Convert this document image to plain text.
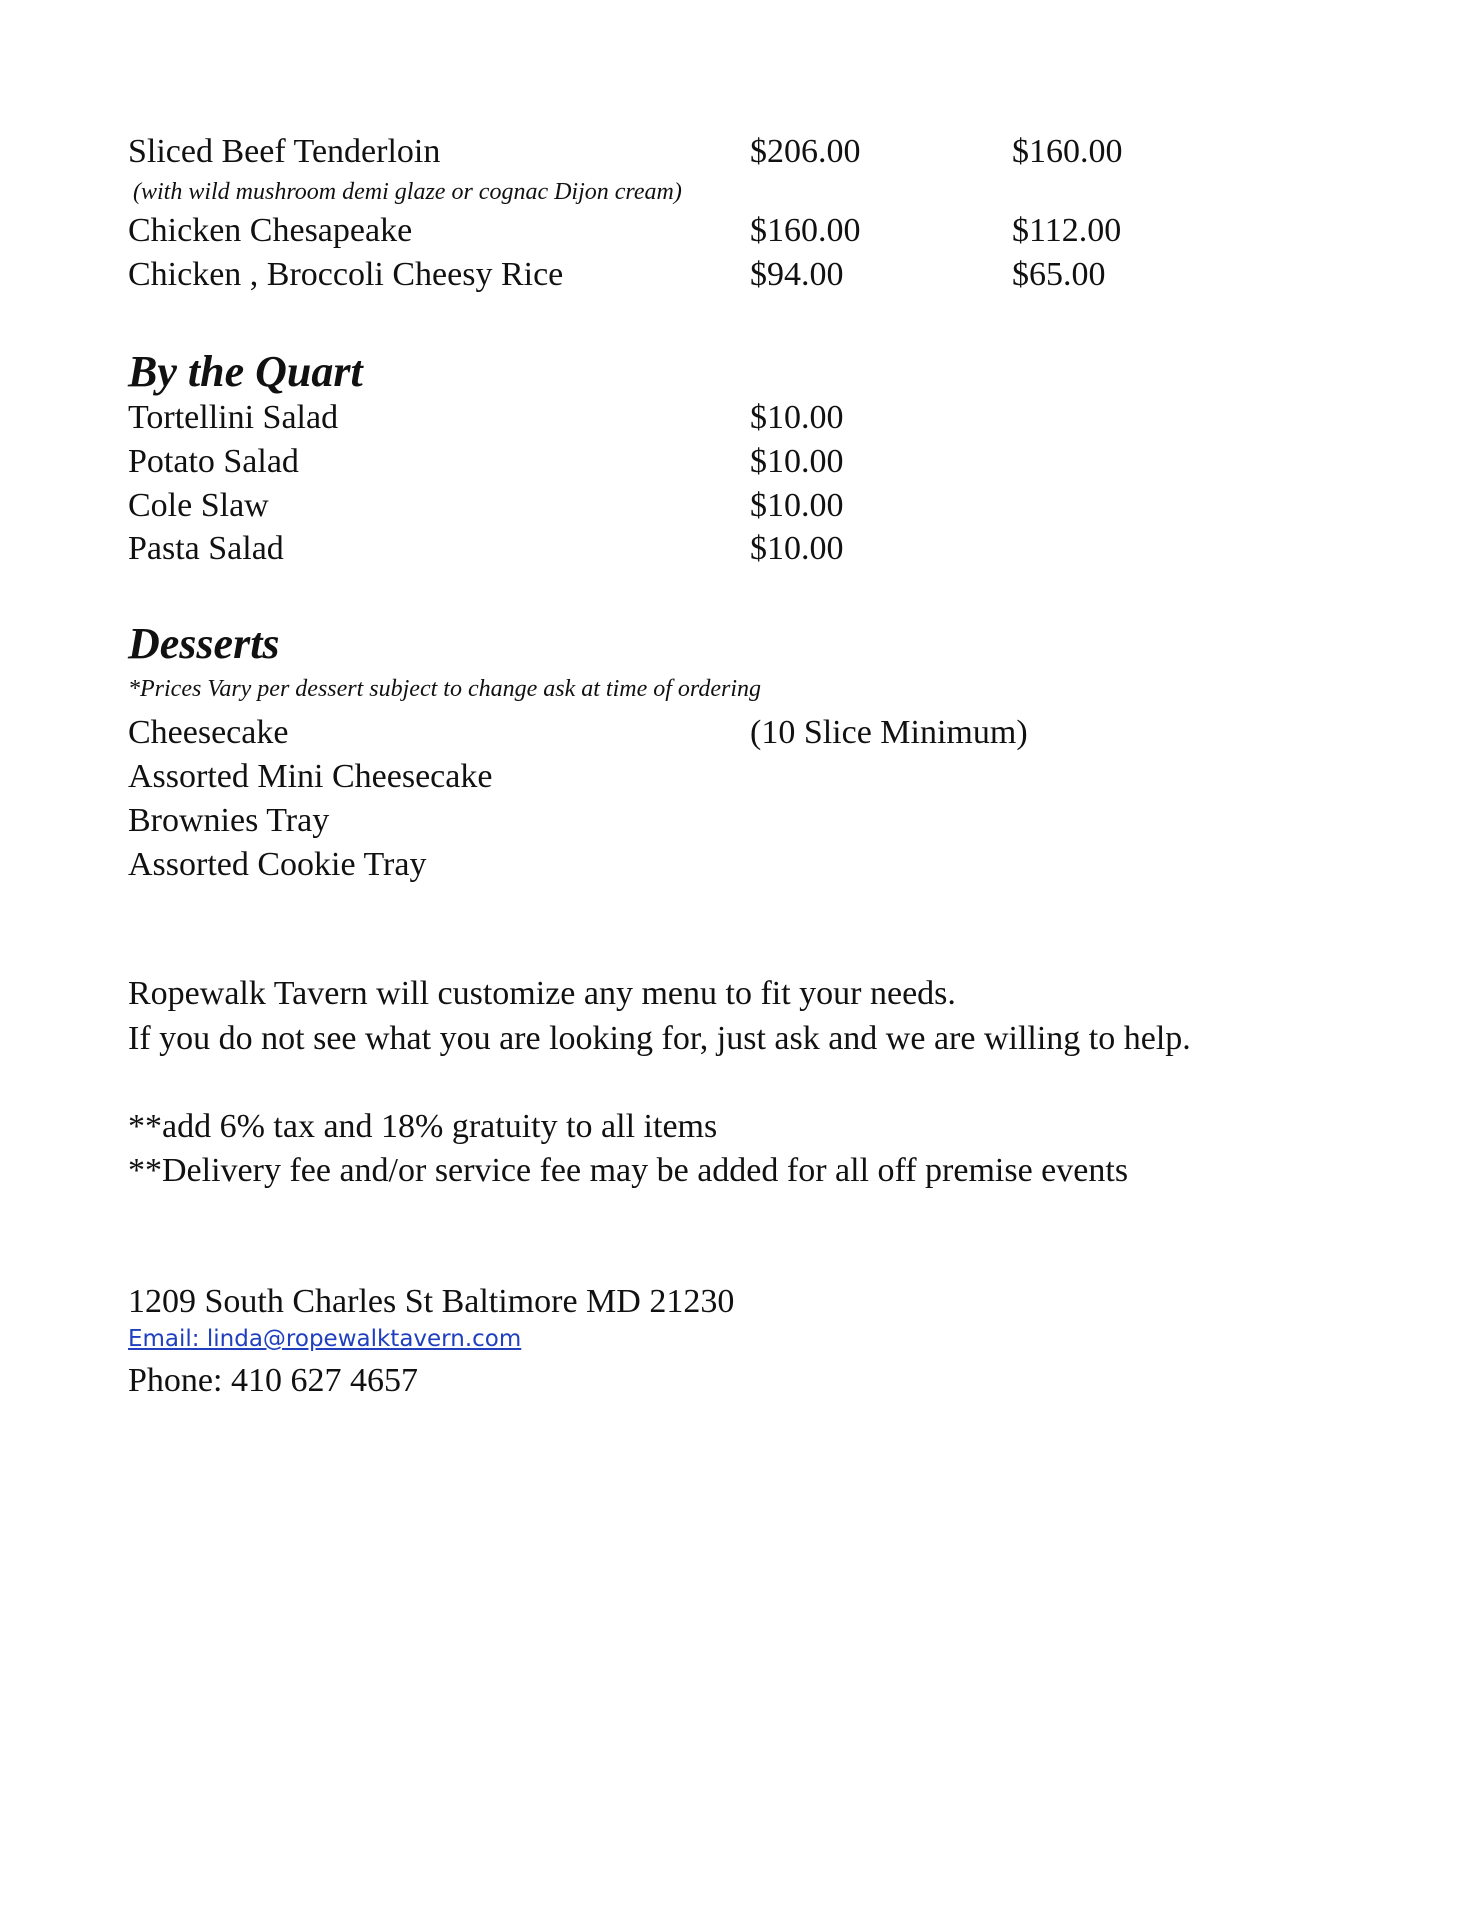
Sliced Beef Tenderloin	$206.00	$160.00
(with wild mushroom demi glaze or cognac Dijon cream)
Chicken Chesapeake	$160.00	$112.00
Chicken , Broccoli Cheesy Rice	$94.00	$65.00
By the Quart
Tortellini Salad	$10.00
Potato Salad	$10.00
Cole Slaw	$10.00
Pasta Salad	$10.00
Desserts
*Prices Vary per dessert subject to change ask at time of ordering
Cheesecake	(10 Slice Minimum)
Assorted Mini Cheesecake
Brownies Tray
Assorted Cookie Tray
Ropewalk Tavern will customize any menu to fit your needs.
If you do not see what you are looking for, just ask and we are willing to help.
**add 6% tax and 18% gratuity to all items
**Delivery fee and/or service fee may be added for all off premise events
1209 South Charles St Baltimore MD 21230
Email: linda@ropewalktavern.com
Phone: 410 627 4657
